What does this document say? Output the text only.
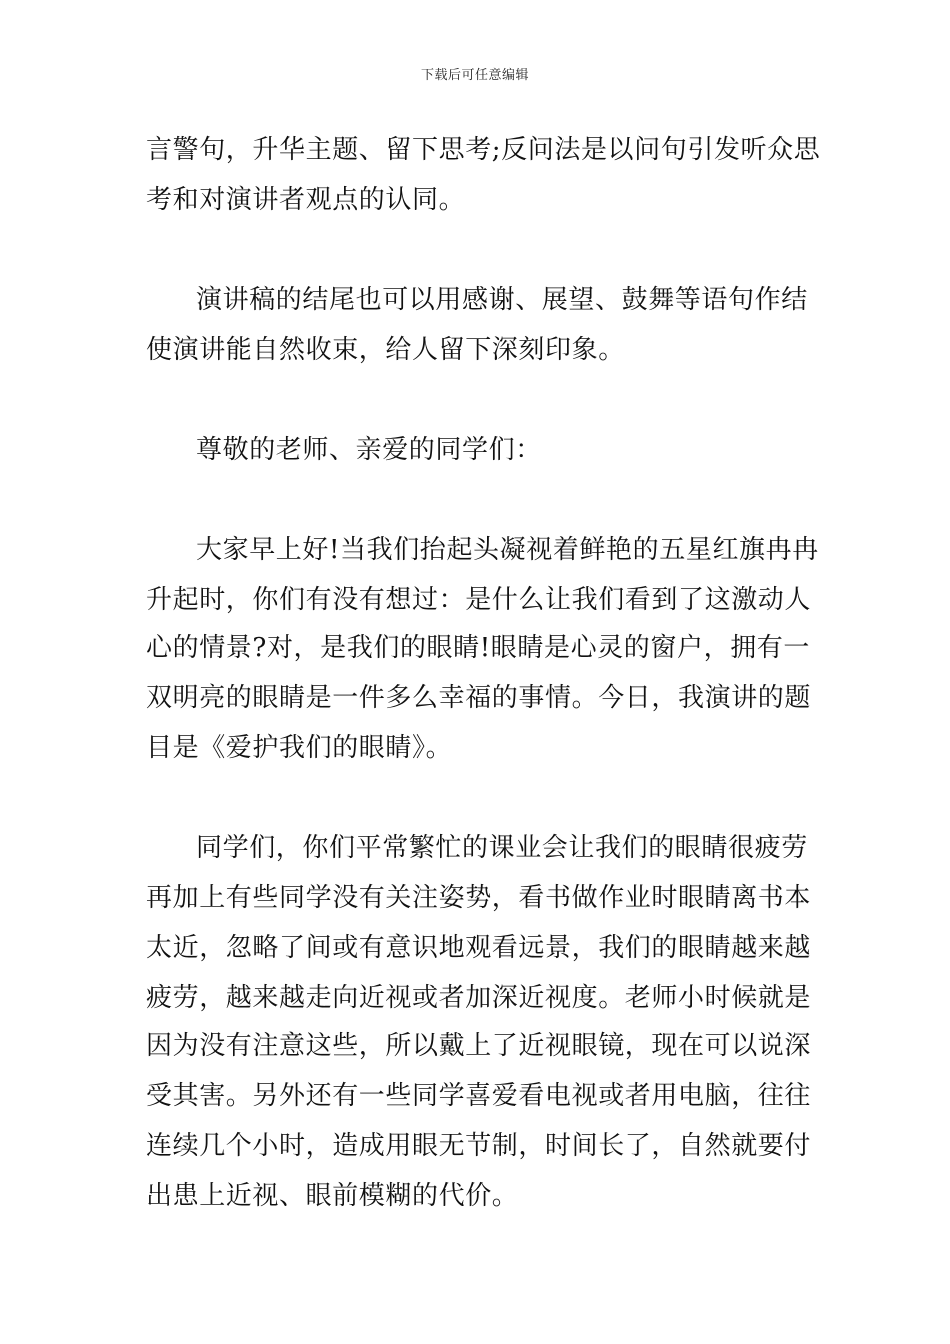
下载后可任意编辑
言警句，升华主题、留下思考;反问法是以问句引发听众思
考和对演讲者观点的认同。
演讲稿的结尾也可以用感谢、展望、鼓舞等语句作结
使演讲能自然收束，给人留下深刻印象。
尊敬的老师、亲爱的同学们：
大家早上好!当我们抬起头凝视着鲜艳的五星红旗冉冉
升起时，你们有没有想过：是什么让我们看到了这激动人
心的情景?对，是我们的眼睛!眼睛是心灵的窗户，拥有一
双明亮的眼睛是一件多么幸福的事情。今日，我演讲的题
目是《爱护我们的眼睛》。
同学们，你们平常繁忙的课业会让我们的眼睛很疲劳
再加上有些同学没有关注姿势，看书做作业时眼睛离书本
太近，忽略了间或有意识地观看远景，我们的眼睛越来越
疲劳，越来越走向近视或者加深近视度。老师小时候就是
因为没有注意这些，所以戴上了近视眼镜，现在可以说深
受其害。另外还有一些同学喜爱看电视或者用电脑，往往
连续几个小时，造成用眼无节制，时间长了，自然就要付
出患上近视、眼前模糊的代价。
